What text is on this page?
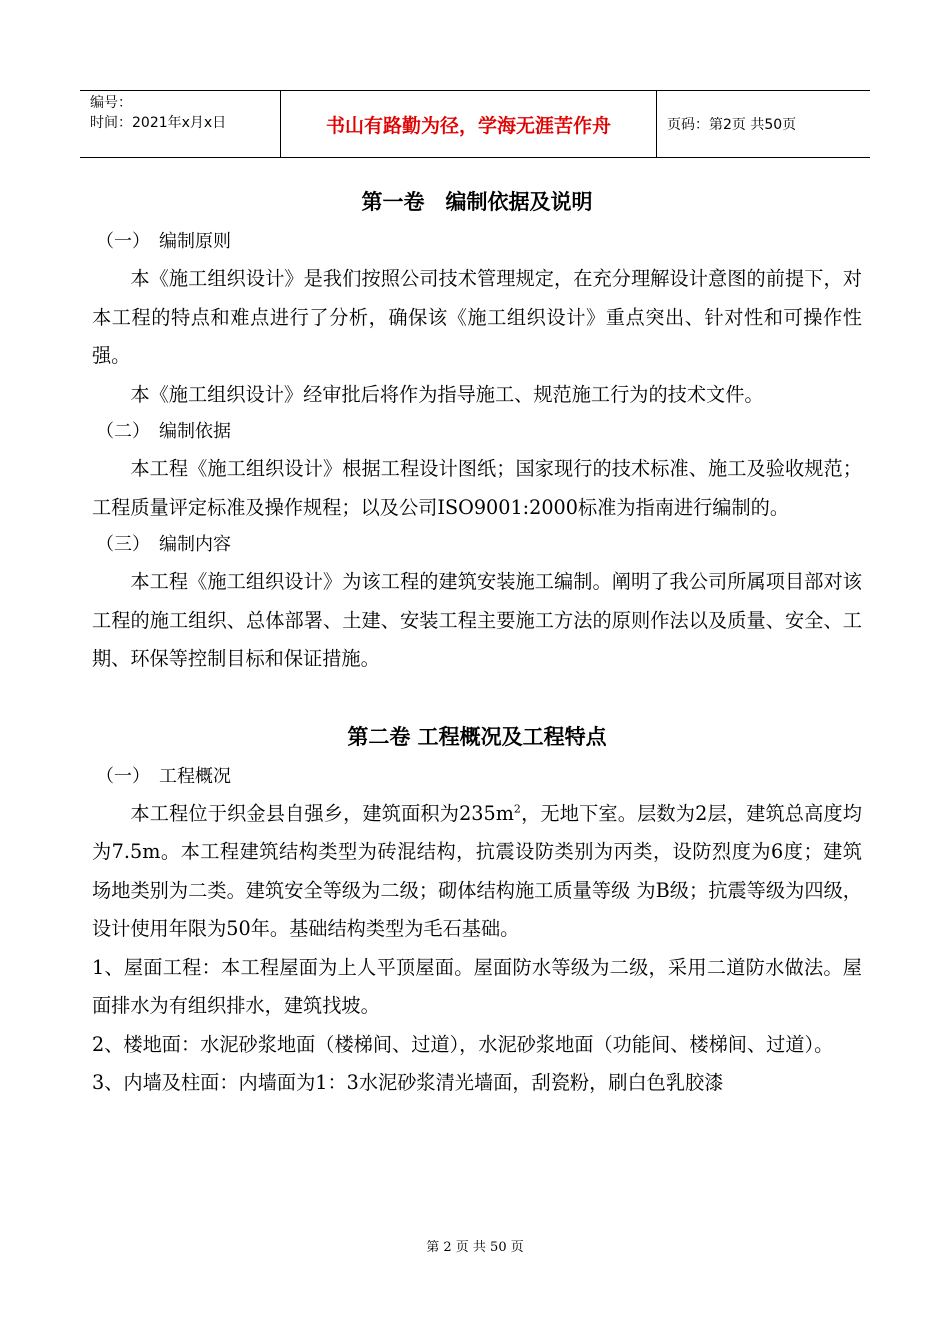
编号：
时间：2021年x月x日	书山有路勤为径，学海无涯苦作舟	页码：第2页 共50页
第一卷　编制依据及说明

（一）　编制原则

本《施工组织设计》是我们按照公司技术管理规定，在充分理解设计意图的前提下，对本工程的特点和难点进行了分析，确保该《施工组织设计》重点突出、针对性和可操作性强。

本《施工组织设计》经审批后将作为指导施工、规范施工行为的技术文件。

（二）　编制依据

本工程《施工组织设计》根据工程设计图纸；国家现行的技术标准、施工及验收规范；工程质量评定标准及操作规程；以及公司ISO9001:2000标准为指南进行编制的。

（三）　编制内容

本工程《施工组织设计》为该工程的建筑安装施工编制。阐明了我公司所属项目部对该工程的施工组织、总体部署、土建、安装工程主要施工方法的原则作法以及质量、安全、工期、环保等控制目标和保证措施。

第二卷 工程概况及工程特点

（一）　工程概况

本工程位于织金县自强乡，建筑面积为$235m^2$，无地下室。层数为2层，建筑总高度均为7.5m。本工程建筑结构类型为砖混结构，抗震设防类别为丙类，设防烈度为6度；建筑场地类别为二类。建筑安全等级为二级；砌体结构施工质量等级 为B级；抗震等级为四级，设计使用年限为50年。基础结构类型为毛石基础。

1、屋面工程：本工程屋面为上人平顶屋面。屋面防水等级为二级，采用二道防水做法。屋面排水为有组织排水，建筑找坡。

2、楼地面：水泥砂浆地面（楼梯间、过道），水泥砂浆地面（功能间、楼梯间、过道）。

3、内墙及柱面：内墙面为1：3水泥砂浆清光墙面，刮瓷粉，刷白色乳胶漆

第 2 页 共 50 页
